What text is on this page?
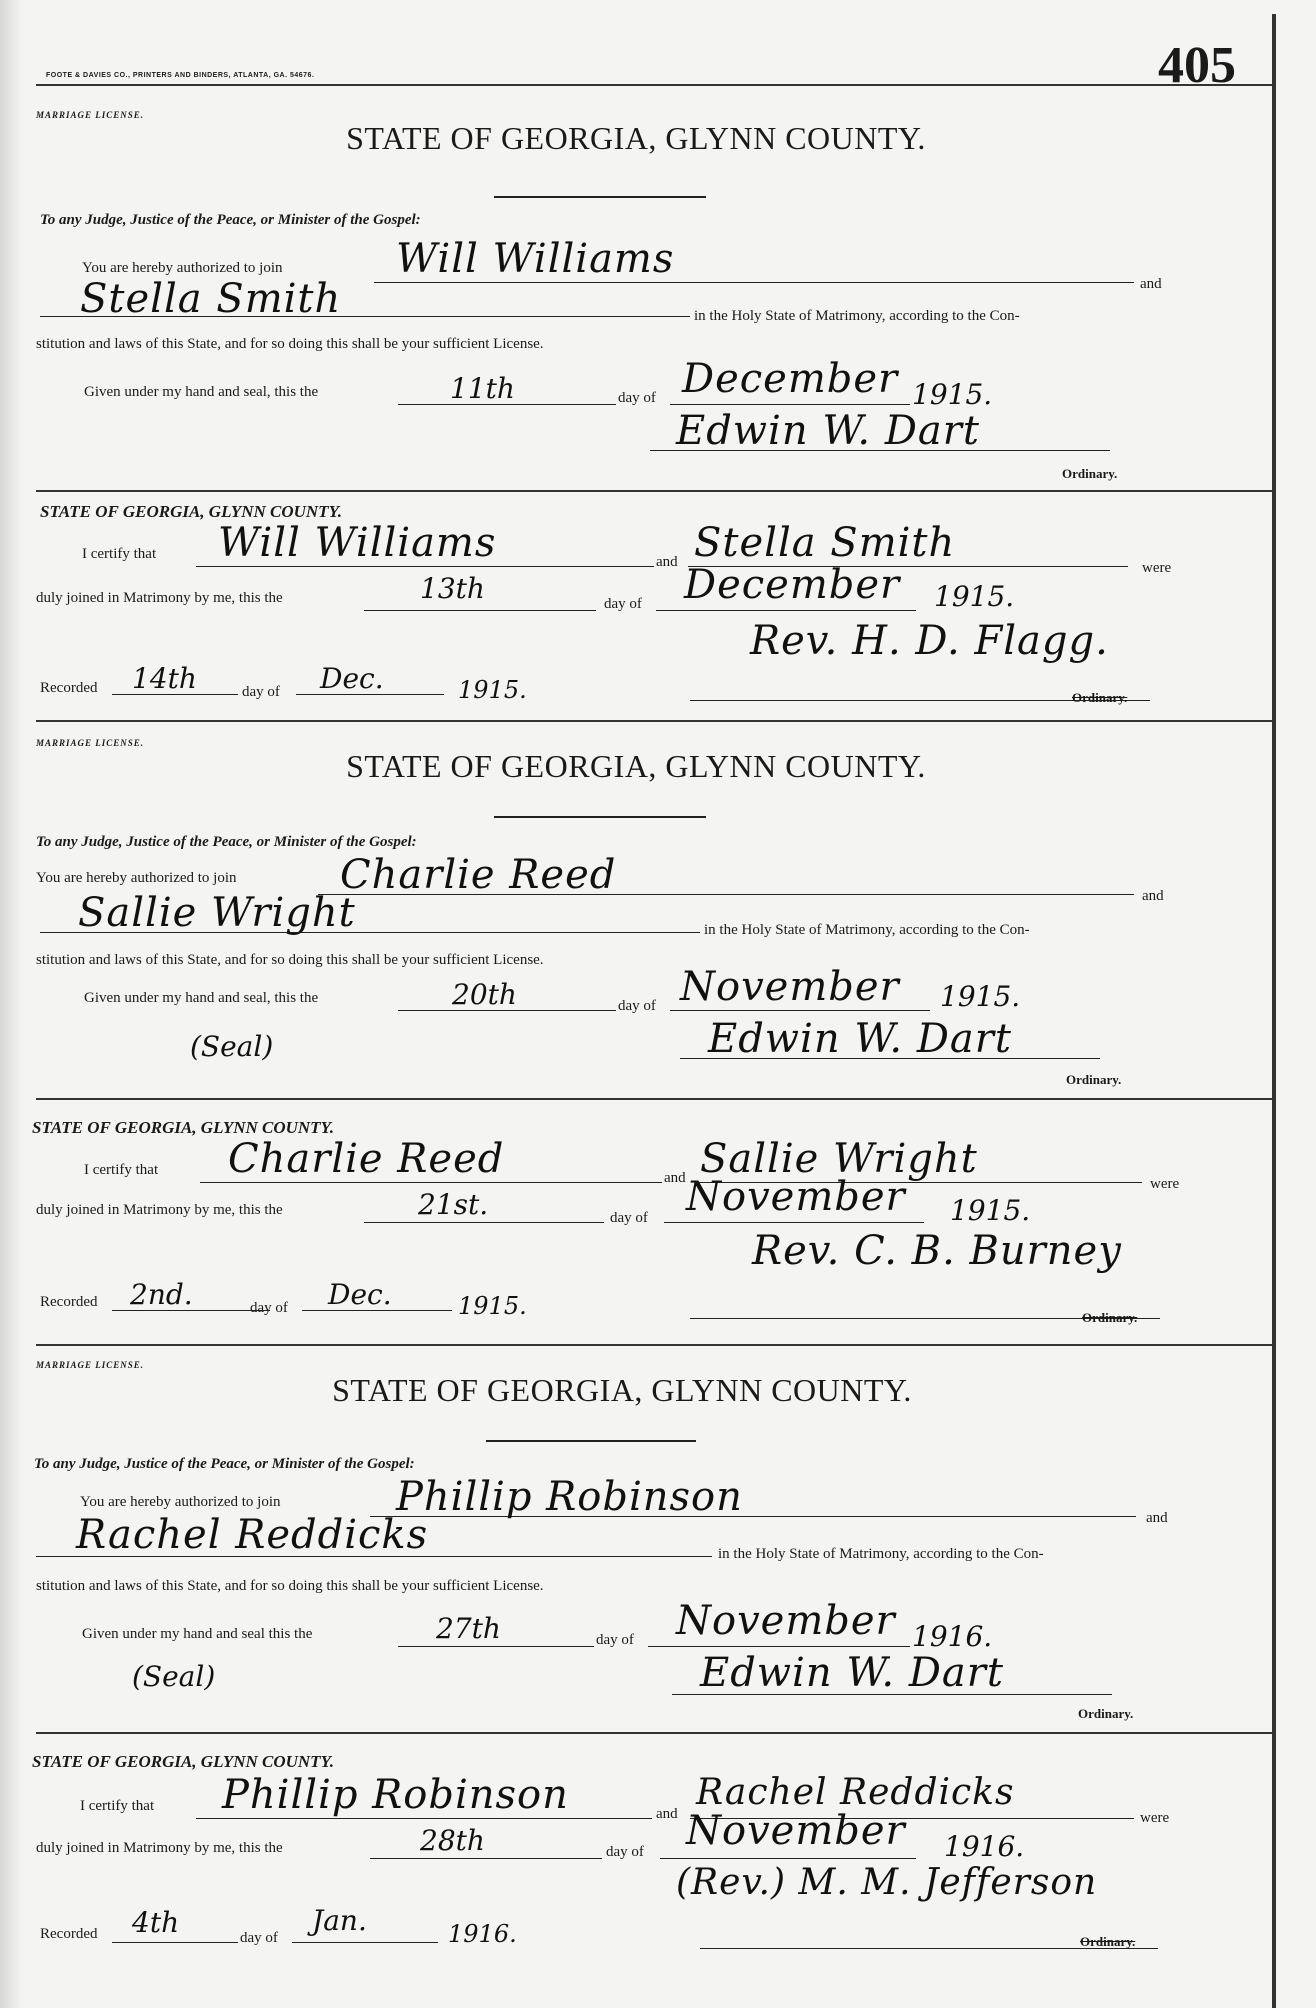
FOOTE & DAVIES CO., PRINTERS AND BINDERS, ATLANTA, GA. 54676.	405
MARRIAGE LICENSE.
STATE OF GEORGIA, GLYNN COUNTY.
To any Judge, Justice of the Peace, or Minister of the Gospel:
You are hereby authorized to join	Will Williams
and
Stella Smith	in the Holy State of Matrimony, according to the Con-
stitution and laws of this State, and for so doing this shall be your sufficient License.
Given under my hand and seal, this the	11th	day of December 1915.
Edwin W. Dart
Ordinary.
STATE OF GEORGIA, GLYNN COUNTY.
I certify that Will Williams	and Stella Smith
were
duly joined in Matrimony by me, this the	13th	day of December 1915.
Rev. H. D. Flagg.
Recorded 14th	day of Dec.	1915.	Ordinary.
MARRIAGE LICENSE.
STATE OF GEORGIA, GLYNN COUNTY.
To any Judge, Justice of the Peace, or Minister of the Gospel:
You are hereby authorized to join	Charlie Reed	and
Sallie Wright	in the Holy State of Matrimony, according to the Con-
stitution and laws of this State, and for so doing this shall be your sufficient License.
Given under my hand and seal, this the	20th	day of November 1915.
(Seal)	Edwin W. Dart
Ordinary.
STATE OF GEORGIA, GLYNN COUNTY.
I certify that Charlie Reed	and Sallie Wright
were
duly joined in Matrimony by me, this the	21st.	day of November 1915.
Rev. C. B. Burney
Recorded 2nd.	day of Dec.	1915.	Ordinary.
MARRIAGE LICENSE.
STATE OF GEORGIA, GLYNN COUNTY.
To any Judge, Justice of the Peace, or Minister of the Gospel:
You are hereby authorized to join	Phillip Robinson	and
Rachel Reddicks	in the Holy State of Matrimony, according to the Con-
stitution and laws of this State, and for so doing this shall be your sufficient License.
Given under my hand and seal this the	27th	day of November 1916.
(Seal)	Edwin W. Dart
Ordinary.
STATE OF GEORGIA, GLYNN COUNTY.
I certify that Phillip Robinson	and
Rachel Reddicks
were
duly joined in Matrimony by me, this the	28th	day of November 1916.
(Rev.) M. M. Jefferson
Recorded 4th	day of
Jan.	1916.	Ordinary.
